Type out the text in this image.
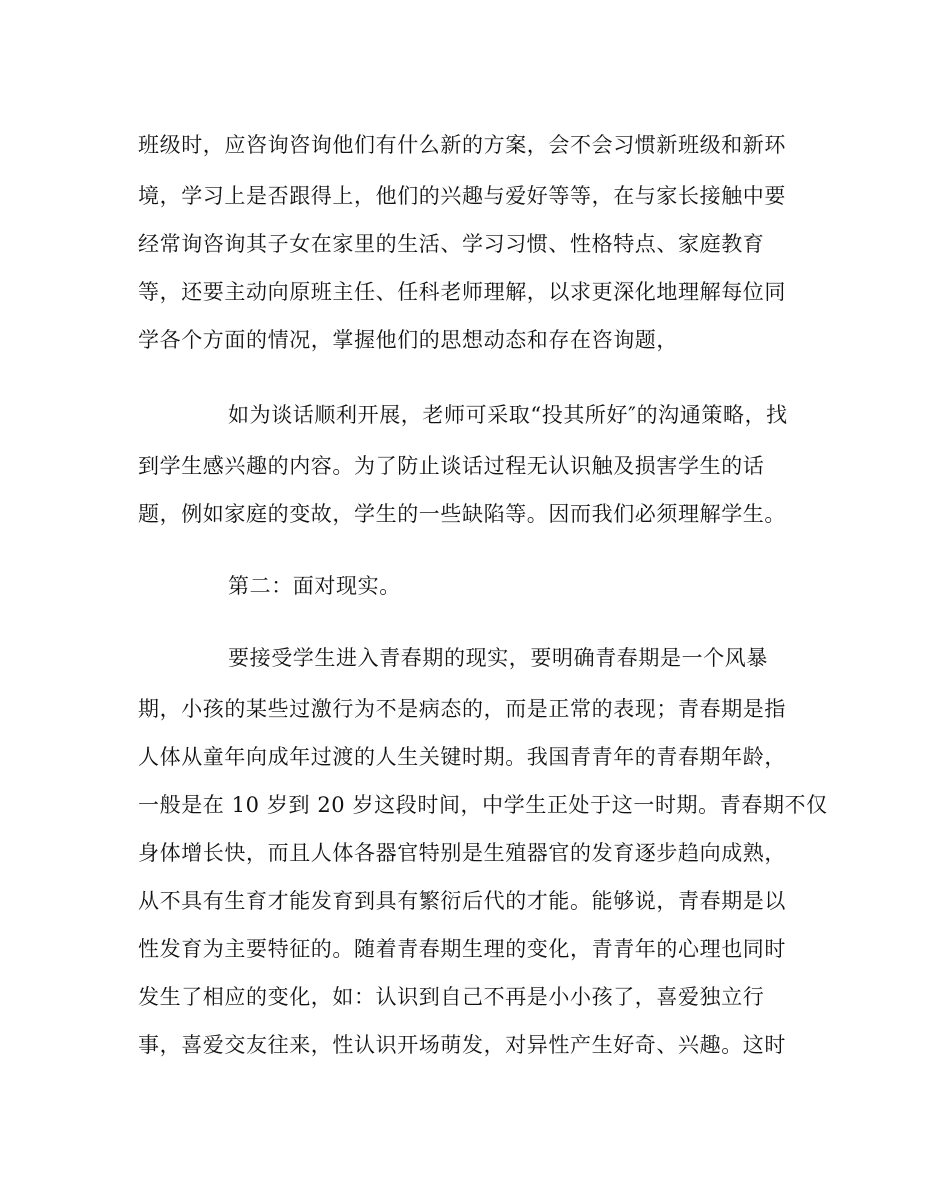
班级时，应咨询咨询他们有什么新的方案，会不会习惯新班级和新环
境，学习上是否跟得上，他们的兴趣与爱好等等，在与家长接触中要
经常询咨询其子女在家里的生活、学习习惯、性格特点、家庭教育
等，还要主动向原班主任、任科老师理解，以求更深化地理解每位同
学各个方面的情况，掌握他们的思想动态和存在咨询题，
如为谈话顺利开展，老师可采取“投其所好″的沟通策略，找
到学生感兴趣的内容。为了防止谈话过程无认识触及损害学生的话
题，例如家庭的变故，学生的一些缺陷等。因而我们必须理解学生。
第二：面对现实。
要接受学生进入青春期的现实，要明确青春期是一个风暴
期，小孩的某些过激行为不是病态的，而是正常的表现；青春期是指
人体从童年向成年过渡的人生关键时期。我国青青年的青春期年龄，
一般是在 10 岁到 20 岁这段时间，中学生正处于这一时期。青春期不仅
身体增长快，而且人体各器官特别是生殖器官的发育逐步趋向成熟，
从不具有生育才能发育到具有繁衍后代的才能。能够说，青春期是以
性发育为主要特征的。随着青春期生理的变化，青青年的心理也同时
发生了相应的变化，如：认识到自己不再是小小孩了，喜爱独立行
事，喜爱交友往来，性认识开场萌发，对异性产生好奇、兴趣。这时
